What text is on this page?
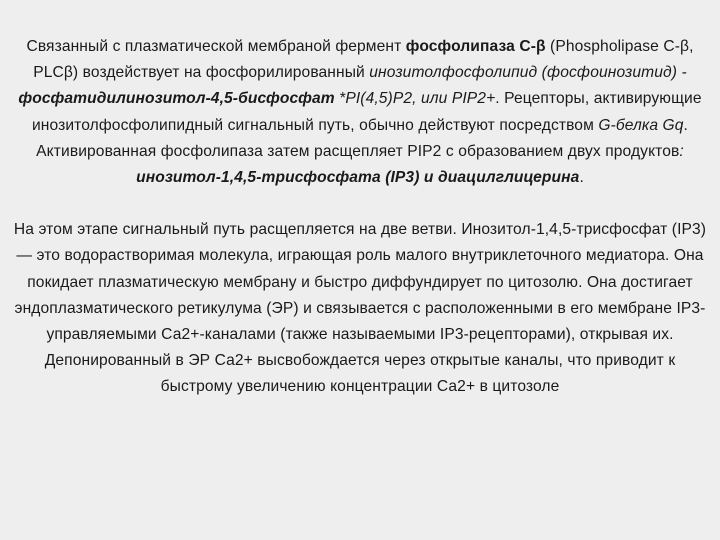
Связанный с плазматической мембраной фермент фосфолипаза С-β (Phospholipase С-β, PLCβ) воздействует на фосфорилированный инозитолфосфолипид (фосфоинозитид) - фосфатидилинозитол-4,5-бисфосфат *PI(4,5)P2, или PIP2+. Рецепторы, активирующие инозитолфосфолипидный сигнальный путь, обычно действуют посредством G-белка Gq. Активированная фосфолипаза затем расщепляет PIP2 с образованием двух продуктов: инозитол-1,4,5-трисфосфата (IP3) и диацилглицерина.

На этом этапе сигнальный путь расщепляется на две ветви. Инозитол-1,4,5-трисфосфат (IP3) — это водорастворимая молекула, играющая роль малого внутриклеточного медиатора. Она покидает плазматическую мембрану и быстро диффундирует по цитозолю. Она достигает эндоплазматического ретикулума (ЭР) и связывается с расположенными в его мембране IP3-управляемыми Са2+-каналами (также называемыми IP3-рецепторами), открывая их. Депонированный в ЭР Са2+ высвобождается через открытые каналы, что приводит к быстрому увеличению концентрации Са2+ в цитозоле
